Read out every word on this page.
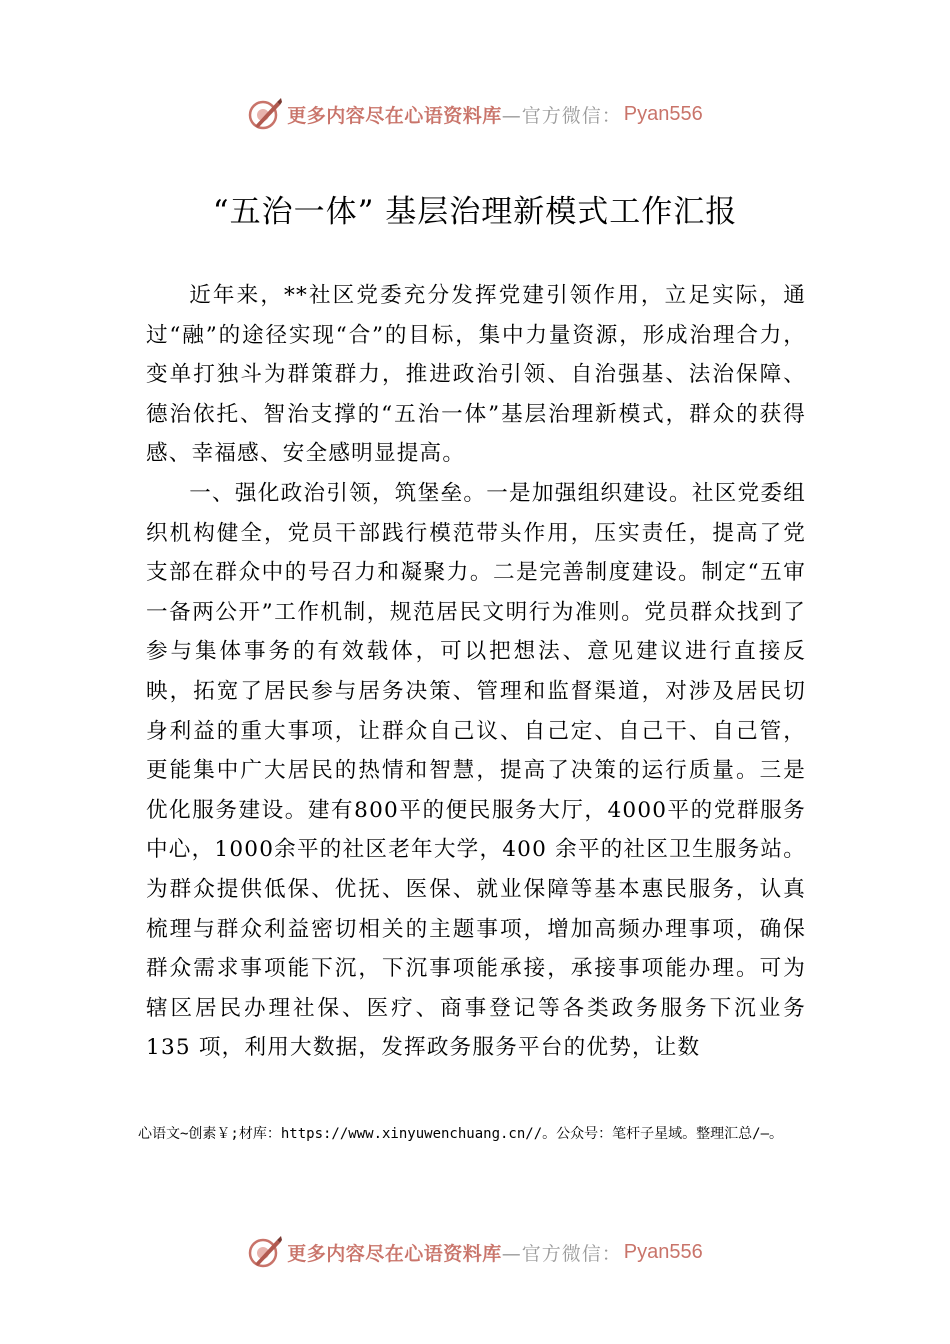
更多内容尽在心语资料库 —官方微信： Pyan556
“五治一体” 基层治理新模式工作汇报

近年来，**社区党委充分发挥党建引领作用，立足实际，通过“融”的途径实现“合”的目标，集中力量资源，形成治理合力，变单打独斗为群策群力，推进政治引领、自治强基、法治保障、德治依托、智治支撑的“五治一体”基层治理新模式，群众的获得感、幸福感、安全感明显提高。

一、强化政治引领，筑堡垒。一是加强组织建设。社区党委组织机构健全，党员干部践行模范带头作用，压实责任，提高了党支部在群众中的号召力和凝聚力。二是完善制度建设。制定“五审一备两公开”工作机制，规范居民文明行为准则。党员群众找到了参与集体事务的有效载体，可以把想法、意见建议进行直接反映，拓宽了居民参与居务决策、管理和监督渠道，对涉及居民切身利益的重大事项，让群众自己议、自己定、自己干、自己管，更能集中广大居民的热情和智慧，提高了决策的运行质量。三是优化服务建设。建有800平的便民服务大厅，4000平的党群服务中心，1000余平的社区老年大学，400 余平的社区卫生服务站。为群众提供低保、优抚、医保、就业保障等基本惠民服务，认真梳理与群众利益密切相关的主题事项，增加高频办理事项，确保群众需求事项能下沉，下沉事项能承接，承接事项能办理。可为辖区居民办理社保、医疗、商事登记等各类政务服务下沉业务 135 项，利用大数据，发挥政务服务平台的优势，让数

心语文~创素￥;材库：https://www.xinyuwenchuang.cn//。公众号：笔杆子星域。整理汇总/—。
更多内容尽在心语资料库 —官方微信： Pyan556
